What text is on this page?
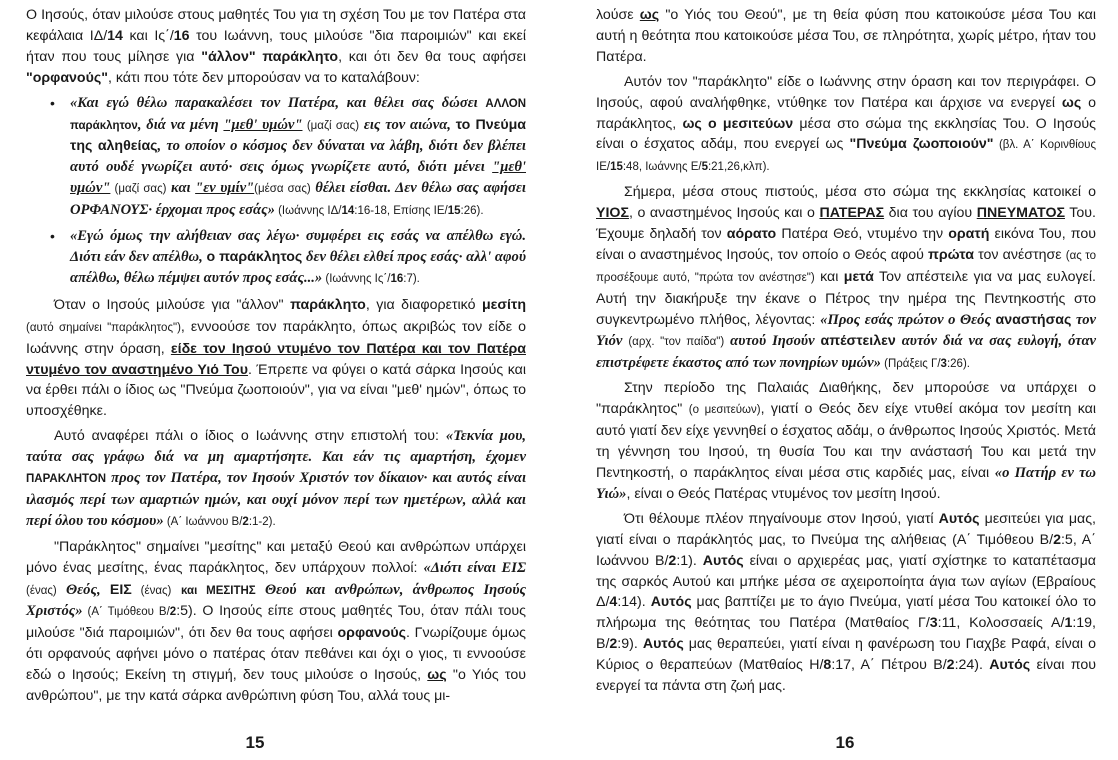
Ο Ιησούς, όταν μιλούσε στους μαθητές Του για τη σχέση Του με τον Πατέρα στα κεφάλαια ΙΔ/14 και Ις΄/16 του Ιωάννη, τους μιλούσε "δια παροιμιών" και εκεί ήταν που τους μίλησε για "άλλον" παράκλητο, και ότι δεν θα τους αφήσει "ορφανούς", κάτι που τότε δεν μπορούσαν να το καταλάβουν:

• «Και εγώ θέλω παρακαλέσει τον Πατέρα, και θέλει σας δώσει ΑΛΛΟΝ παράκλητον, διά να μένη "μεθ' υμών" (μαζί σας) εις τον αιώνα, το Πνεύμα της αληθείας, το οποίον ο κόσμος δεν δύναται να λάβη, διότι δεν βλέπει αυτό ουδέ γνωρίζει αυτό· σεις όμως γνωρίζετε αυτό, διότι μένει "μεθ' υμών" (μαζί σας) και "εν υμίν"(μέσα σας) θέλει είσθαι. Δεν θέλω σας αφήσει ΟΡΦΑΝΟΥΣ· έρχομαι προς εσάς» (Ιωάννης ΙΔ/14:16-18, Επίσης ΙΕ/15:26).
• «Εγώ όμως την αλήθειαν σας λέγω· συμφέρει εις εσάς να απέλθω εγώ. Διότι εάν δεν απέλθω, ο παράκλητος δεν θέλει ελθεί προς εσάς· αλλ' αφού απέλθω, θέλω πέμψει αυτόν προς εσάς...» (Ιωάννης Ις΄/16:7).

Όταν ο Ιησούς μιλούσε για "άλλον" παράκλητο, για διαφορετικό μεσίτη (αυτό σημαίνει "παράκλητος"), εννοούσε τον παράκλητο, όπως ακριβώς τον είδε ο Ιωάννης στην όραση, είδε τον Ιησού ντυμένο τον Πατέρα και τον Πατέρα ντυμένο τον αναστημένο Υιό Του. Έπρεπε να φύγει ο κατά σάρκα Ιησούς και να έρθει πάλι ο ίδιος ως "Πνεύμα ζωοποιούν", για να είναι "μεθ' ημών", όπως το υποσχέθηκε.

Αυτό αναφέρει πάλι ο ίδιος ο Ιωάννης στην επιστολή του: «Τεκνία μου, ταύτα σας γράφω διά να μη αμαρτήσητε. Και εάν τις αμαρτήση, έχομεν ΠΑΡΑΚΛΗΤΟΝ προς τον Πατέρα, τον Ιησούν Χριστόν τον δίκαιον· και αυτός είναι ιλασμός περί των αμαρτιών ημών, και ουχί μόνον περί των ημετέρων, αλλά και περί όλου του κόσμου» (Α΄ Ιωάννου Β/2:1-2).

"Παράκλητος" σημαίνει "μεσίτης" και μεταξύ Θεού και ανθρώπων υπάρχει μόνο ένας μεσίτης, ένας παράκλητος, δεν υπάρχουν πολλοί: «Διότι είναι ΕΙΣ (ένας) Θεός, ΕΙΣ (ένας) και ΜΕΣΙΤΗΣ Θεού και ανθρώπων, άνθρωπος Ιησούς Χριστός» (Α΄ Τιμόθεου Β/2:5). Ο Ιησούς είπε στους μαθητές Του, όταν πάλι τους μιλούσε "διά παροιμιών", ότι δεν θα τους αφήσει ορφανούς. Γνωρίζουμε όμως ότι ορφανούς αφήνει μόνο ο πατέρας όταν πεθάνει και όχι ο γιος, τι εννοούσε εδώ ο Ιησούς; Εκείνη τη στιγμή, δεν τους μιλούσε ο Ιησούς, ως "ο Υιός του ανθρώπου", με την κατά σάρκα ανθρώπινη φύση Του, αλλά τους μι-

15

λούσε ως "ο Υιός του Θεού", με τη θεία φύση που κατοικούσε μέσα Του και αυτή η θεότητα που κατοικούσε μέσα Του, σε πληρότητα, χωρίς μέτρο, ήταν του Πατέρα.

Αυτόν τον "παράκλητο" είδε ο Ιωάννης στην όραση και τον περιγράφει. Ο Ιησούς, αφού αναλήφθηκε, ντύθηκε τον Πατέρα και άρχισε να ενεργεί ως ο παράκλητος, ως ο μεσιτεύων μέσα στο σώμα της εκκλησίας Του. Ο Ιησούς είναι ο έσχατος αδάμ, που ενεργεί ως "Πνεύμα ζωοποιούν" (βλ. Α΄ Κορινθίους ΙΕ/15:48, Ιωάννης Ε/5:21,26,κλπ).

Σήμερα, μέσα στους πιστούς, μέσα στο σώμα της εκκλησίας κατοικεί ο ΥΙΟΣ, ο αναστημένος Ιησούς και ο ΠΑΤΕΡΑΣ δια του αγίου ΠΝΕΥΜΑΤΟΣ Του. Έχουμε δηλαδή τον αόρατο Πατέρα Θεό, ντυμένο την ορατή εικόνα Του, που είναι ο αναστημένος Ιησούς, τον οποίο ο Θεός αφού πρώτα τον ανέστησε (ας το προσέξουμε αυτό, "πρώτα τον ανέστησε") και μετά Τον απέστειλε για να μας ευλογεί. Αυτή την διακήρυξε την έκανε ο Πέτρος την ημέρα της Πεντηκοστής στο συγκεντρωμένο πλήθος, λέγοντας: «Προς εσάς πρώτον ο Θεός αναστήσας τον Υιόν (αρχ. "τον παίδα") αυτού Ιησούν απέστειλεν αυτόν διά να σας ευλογή, όταν επιστρέφετε έκαστος από των πονηρίων υμών» (Πράξεις Γ/3:26).

Στην περίοδο της Παλαιάς Διαθήκης, δεν μπορούσε να υπάρχει ο "παράκλητος" (ο μεσιτεύων), γιατί ο Θεός δεν είχε ντυθεί ακόμα τον μεσίτη και αυτό γιατί δεν είχε γεννηθεί ο έσχατος αδάμ, ο άνθρωπος Ιησούς Χριστός. Μετά τη γέννηση του Ιησού, τη θυσία Του και την ανάστασή Του και μετά την Πεντηκοστή, ο παράκλητος είναι μέσα στις καρδιές μας, είναι «ο Πατήρ εν τω Υιώ», είναι ο Θεός Πατέρας ντυμένος τον μεσίτη Ιησού.

Ότι θέλουμε πλέον πηγαίνουμε στον Ιησού, γιατί Αυτός μεσιτεύει για μας, γιατί είναι ο παράκλητός μας, το Πνεύμα της αλήθειας (Α΄ Τιμόθεου Β/2:5, Α΄ Ιωάννου Β/2:1). Αυτός είναι ο αρχιερέας μας, γιατί σχίστηκε το καταπέτασμα της σαρκός Αυτού και μπήκε μέσα σε αχειροποίητα άγια των αγίων (Εβραίους Δ/4:14). Αυτός μας βαπτίζει με το άγιο Πνεύμα, γιατί μέσα Του κατοικεί όλο το πλήρωμα της θεότητας του Πατέρα (Ματθαίος Γ/3:11, Κολοσσαείς Α/1:19, Β/2:9). Αυτός μας θεραπεύει, γιατί είναι η φανέρωση του Γιαχβε Ραφά, είναι ο Κύριος ο θεραπεύων (Ματθαίος Η/8:17, Α΄ Πέτρου Β/2:24). Αυτός είναι που ενεργεί τα πάντα στη ζωή μας.

16
